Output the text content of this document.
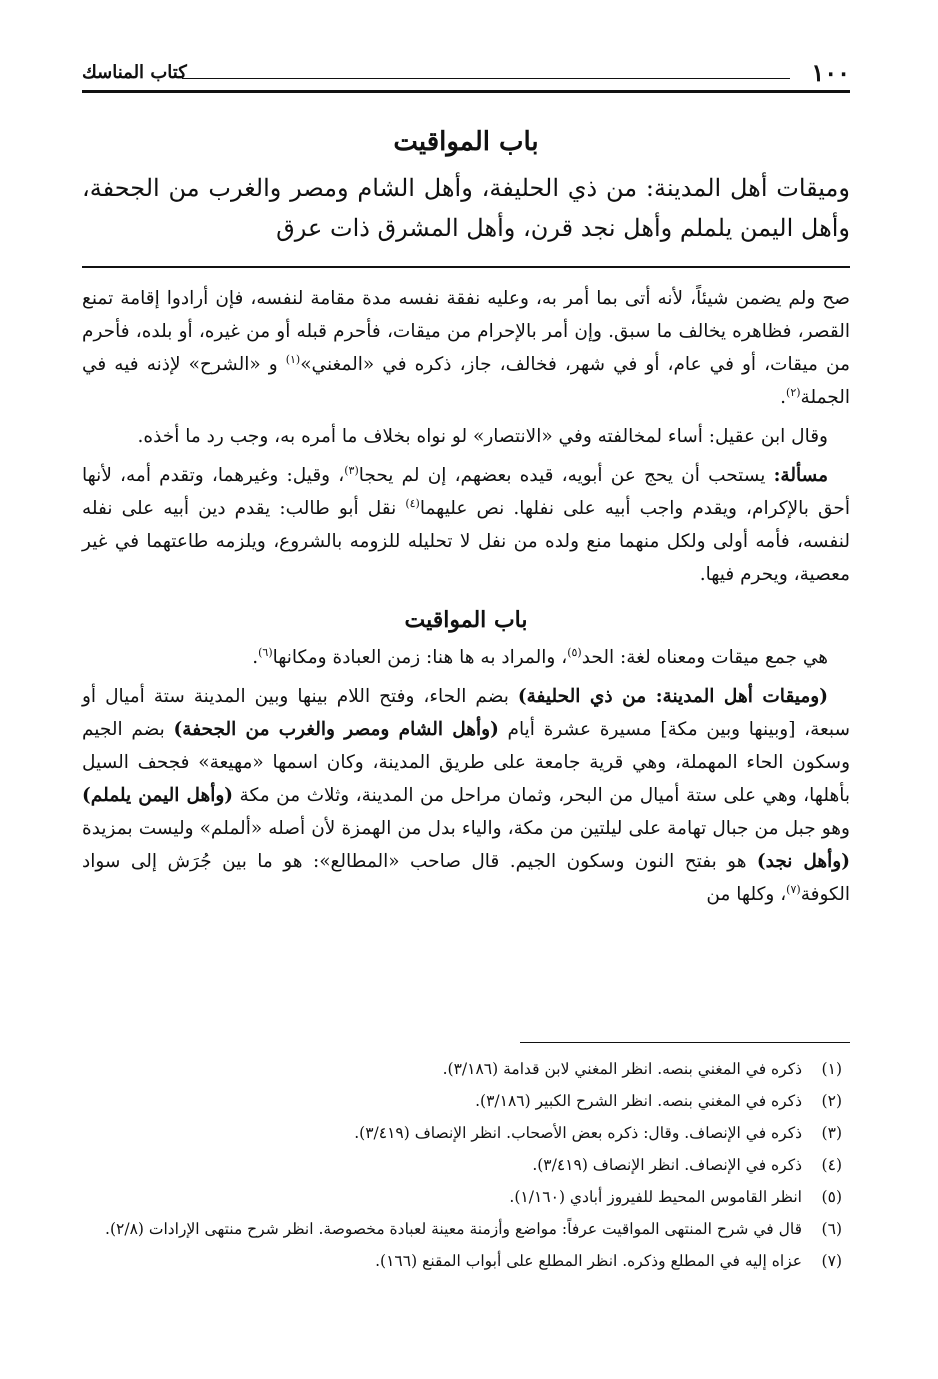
١٠٠
كتاب المناسك
باب المواقيت
وميقات أهل المدينة: من ذي الحليفة، وأهل الشام ومصر والغرب من الجحفة، وأهل اليمن يلملم وأهل نجد قرن، وأهل المشرق ذات عرق

صح ولم يضمن شيئاً، لأنه أتى بما أمر به، وعليه نفقة نفسه مدة مقامة لنفسه، فإن أرادوا إقامة تمنع القصر، فظاهره يخالف ما سبق. وإن أمر بالإحرام من ميقات، فأحرم قبله أو من غيره، أو بلده، فأحرم من ميقات، أو في عام، أو في شهر، فخالف، جاز، ذكره في «المغني»$^{(١)}$ و «الشرح» لإذنه فيه في الجملة$^{(٢)}$.

وقال ابن عقيل: أساء لمخالفته وفي «الانتصار» لو نواه بخلاف ما أمره به، وجب رد ما أخذه.

مسألة: يستحب أن يحج عن أبويه، قيده بعضهم، إن لم يحجا$^{(٣)}$، وقيل: وغيرهما، وتقدم أمه، لأنها أحق بالإكرام، ويقدم واجب أبيه على نفلها. نص عليهما$^{(٤)}$ نقل أبو طالب: يقدم دين أبيه على نفله لنفسه، فأمه أولى ولكل منهما منع ولده من نفل لا تحليله للزومه بالشروع، ويلزمه طاعتهما في غير معصية، ويحرم فيها.

باب المواقيت

هي جمع ميقات ومعناه لغة: الحد$^{(٥)}$، والمراد به ها هنا: زمن العبادة ومكانها$^{(٦)}$.

(وميقات أهل المدينة: من ذي الحليفة) بضم الحاء، وفتح اللام بينها وبين المدينة ستة أميال أو سبعة، [وبينها وبين مكة] مسيرة عشرة أيام (وأهل الشام ومصر والغرب من الجحفة) بضم الجيم وسكون الحاء المهملة، وهي قرية جامعة على طريق المدينة، وكان اسمها «مهيعة» فجحف السيل بأهلها، وهي على ستة أميال من البحر، وثمان مراحل من المدينة، وثلاث من مكة (وأهل اليمن يلملم) وهو جبل من جبال تهامة على ليلتين من مكة، والياء بدل من الهمزة لأن أصله «ألملم» وليست بمزيدة (وأهل نجد) هو بفتح النون وسكون الجيم. قال صاحب «المطالع»: هو ما بين جُرَش إلى سواد الكوفة$^{(٧)}$، وكلها من

(١)
ذكره في المغني بنصه. انظر المغني لابن قدامة (٣/١٨٦).
(٢)
ذكره في المغني بنصه. انظر الشرح الكبير (٣/١٨٦).
(٣)
ذكره في الإنصاف. وقال: ذكره بعض الأصحاب. انظر الإنصاف (٣/٤١٩).
(٤)
ذكره في الإنصاف. انظر الإنصاف (٣/٤١٩).
(٥)
انظر القاموس المحيط للفيروز أبادي (١/١٦٠).
(٦)
قال في شرح المنتهى المواقيت عرفاً: مواضع وأزمنة معينة لعبادة مخصوصة. انظر شرح منتهى الإرادات (٢/٨).
(٧)
عزاه إليه في المطلع وذكره. انظر المطلع على أبواب المقنع (١٦٦).
